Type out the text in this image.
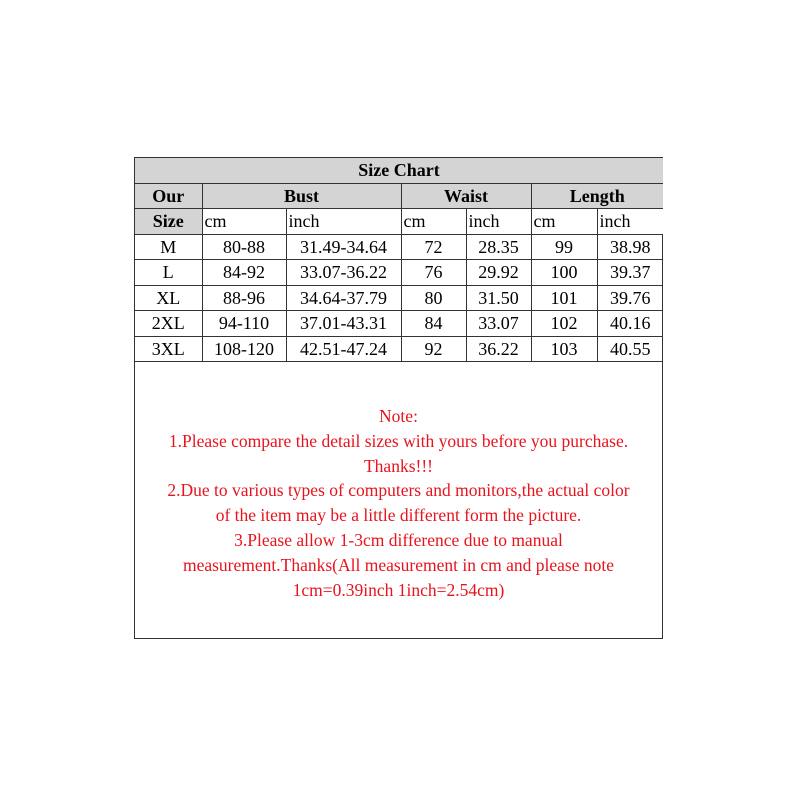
Size Chart						
Our	Bust		Waist		Length	
Size	cm	inch	cm	inch	cm	inch
M	80-88	31.49-34.64	72	28.35	99	38.98
L	84-92	33.07-36.22	76	29.92	100	39.37
XL	88-96	34.64-37.79	80	31.50	101	39.76
2XL	94-110	37.01-43.31	84	33.07	102	40.16
3XL	108-120	42.51-47.24	92	36.22	103	40.55
Note:
1.Please compare the detail sizes with yours before you purchase.
Thanks!!!
2.Due to various types of computers and monitors,the actual color
of the item may be a little different form the picture.
3.Please allow 1-3cm difference due to manual
measurement.Thanks(All measurement in cm and please note
1cm=0.39inch 1inch=2.54cm)
